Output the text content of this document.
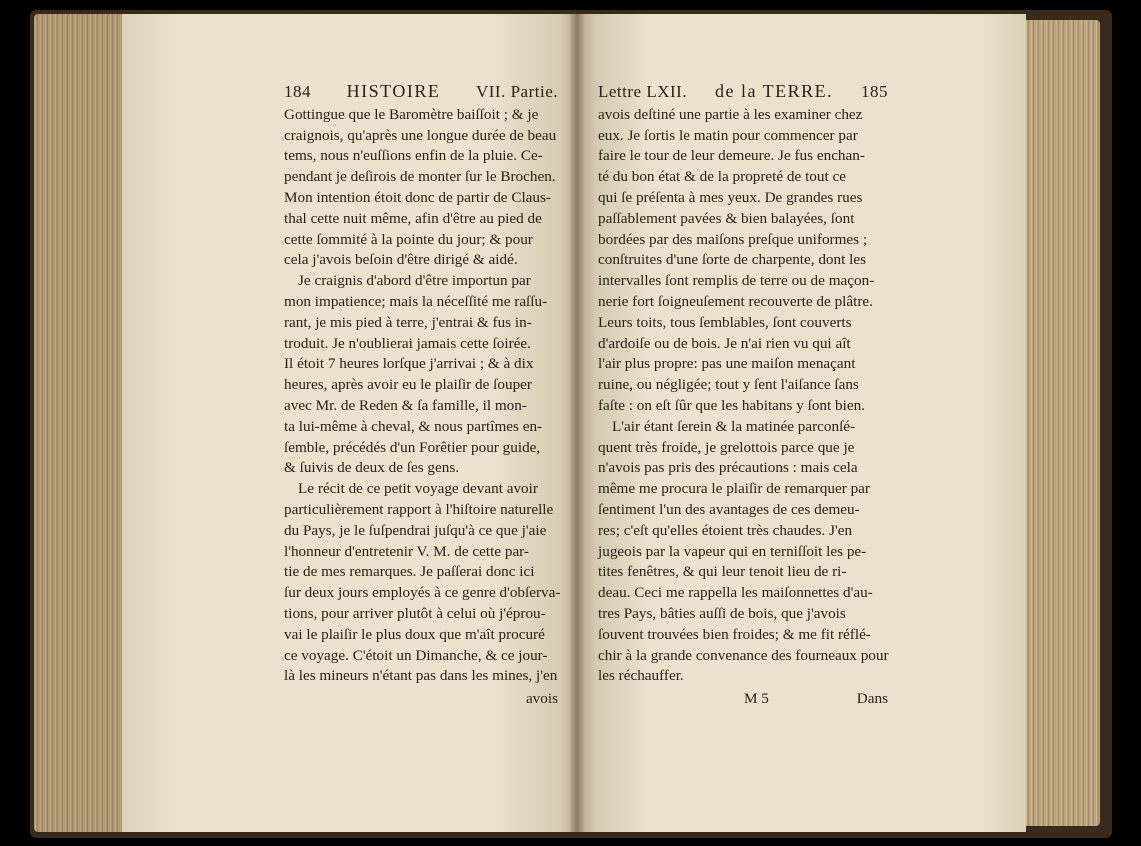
184 HISTOIRE VII. Partie.
Gottingue que le Baromètre baiſſoit ; & je
craignois, qu'après une longue durée de beau
tems, nous n'euſſions enfin de la pluie. Ce-
pendant je deſirois de monter ſur le Brochen.
Mon intention étoit donc de partir de Claus-
thal cette nuit même, afin d'être au pied de
cette ſommité à la pointe du jour; & pour
cela j'avois beſoin d'être dirigé & aidé.
Je craignis d'abord d'être importun par
mon impatience; mais la néceſſité me raſſu-
rant, je mis pied à terre, j'entrai & fus in-
troduit. Je n'oublierai jamais cette ſoirée.
Il étoit 7 heures lorſque j'arrivai ; & à dix
heures, après avoir eu le plaiſir de ſouper
avec Mr. de Reden & ſa famille, il mon-
ta lui-même à cheval, & nous partîmes en-
ſemble, précédés d'un Forêtier pour guide,
& ſuivis de deux de ſes gens.
Le récit de ce petit voyage devant avoir
particulièrement rapport à l'hiſtoire naturelle
du Pays, je le ſuſpendrai juſqu'à ce que j'aie
l'honneur d'entretenir V. M. de cette par-
tie de mes remarques. Je paſſerai donc ici
ſur deux jours employés à ce genre d'obſerva-
tions, pour arriver plutôt à celui où j'éprou-
vai le plaiſir le plus doux que m'aît procuré
ce voyage. C'étoit un Dimanche, & ce jour-
là les mineurs n'étant pas dans les mines, j'en
avois
Lettre LXII. de la TERRE. 185
avois deſtiné une partie à les examiner chez
eux. Je ſortis le matin pour commencer par
faire le tour de leur demeure. Je fus enchan-
té du bon état & de la propreté de tout ce
qui ſe préſenta à mes yeux. De grandes rues
paſſablement pavées & bien balayées, ſont
bordées par des maiſons preſque uniformes ;
conſtruites d'une ſorte de charpente, dont les
intervalles ſont remplis de terre ou de maçon-
nerie fort ſoigneuſement recouverte de plâtre.
Leurs toits, tous ſemblables, ſont couverts
d'ardoiſe ou de bois. Je n'ai rien vu qui aît
l'air plus propre: pas une maiſon menaçant
ruine, ou négligée; tout y ſent l'aiſance ſans
faſte : on eſt ſûr que les habitans y ſont bien.
L'air étant ſerein & la matinée parconſé-
quent très froide, je grelottois parce que je
n'avois pas pris des précautions : mais cela
même me procura le plaiſir de remarquer par
ſentiment l'un des avantages de ces demeu-
res; c'eſt qu'elles étoient très chaudes. J'en
jugeois par la vapeur qui en terniſſoit les pe-
tites fenêtres, & qui leur tenoit lieu de ri-
deau. Ceci me rappella les maiſonnettes d'au-
tres Pays, bâties auſſi de bois, que j'avois
ſouvent trouvées bien froides; & me fit réflé-
chir à la grande convenance des fourneaux pour
les réchauffer.
M 5	Dans
